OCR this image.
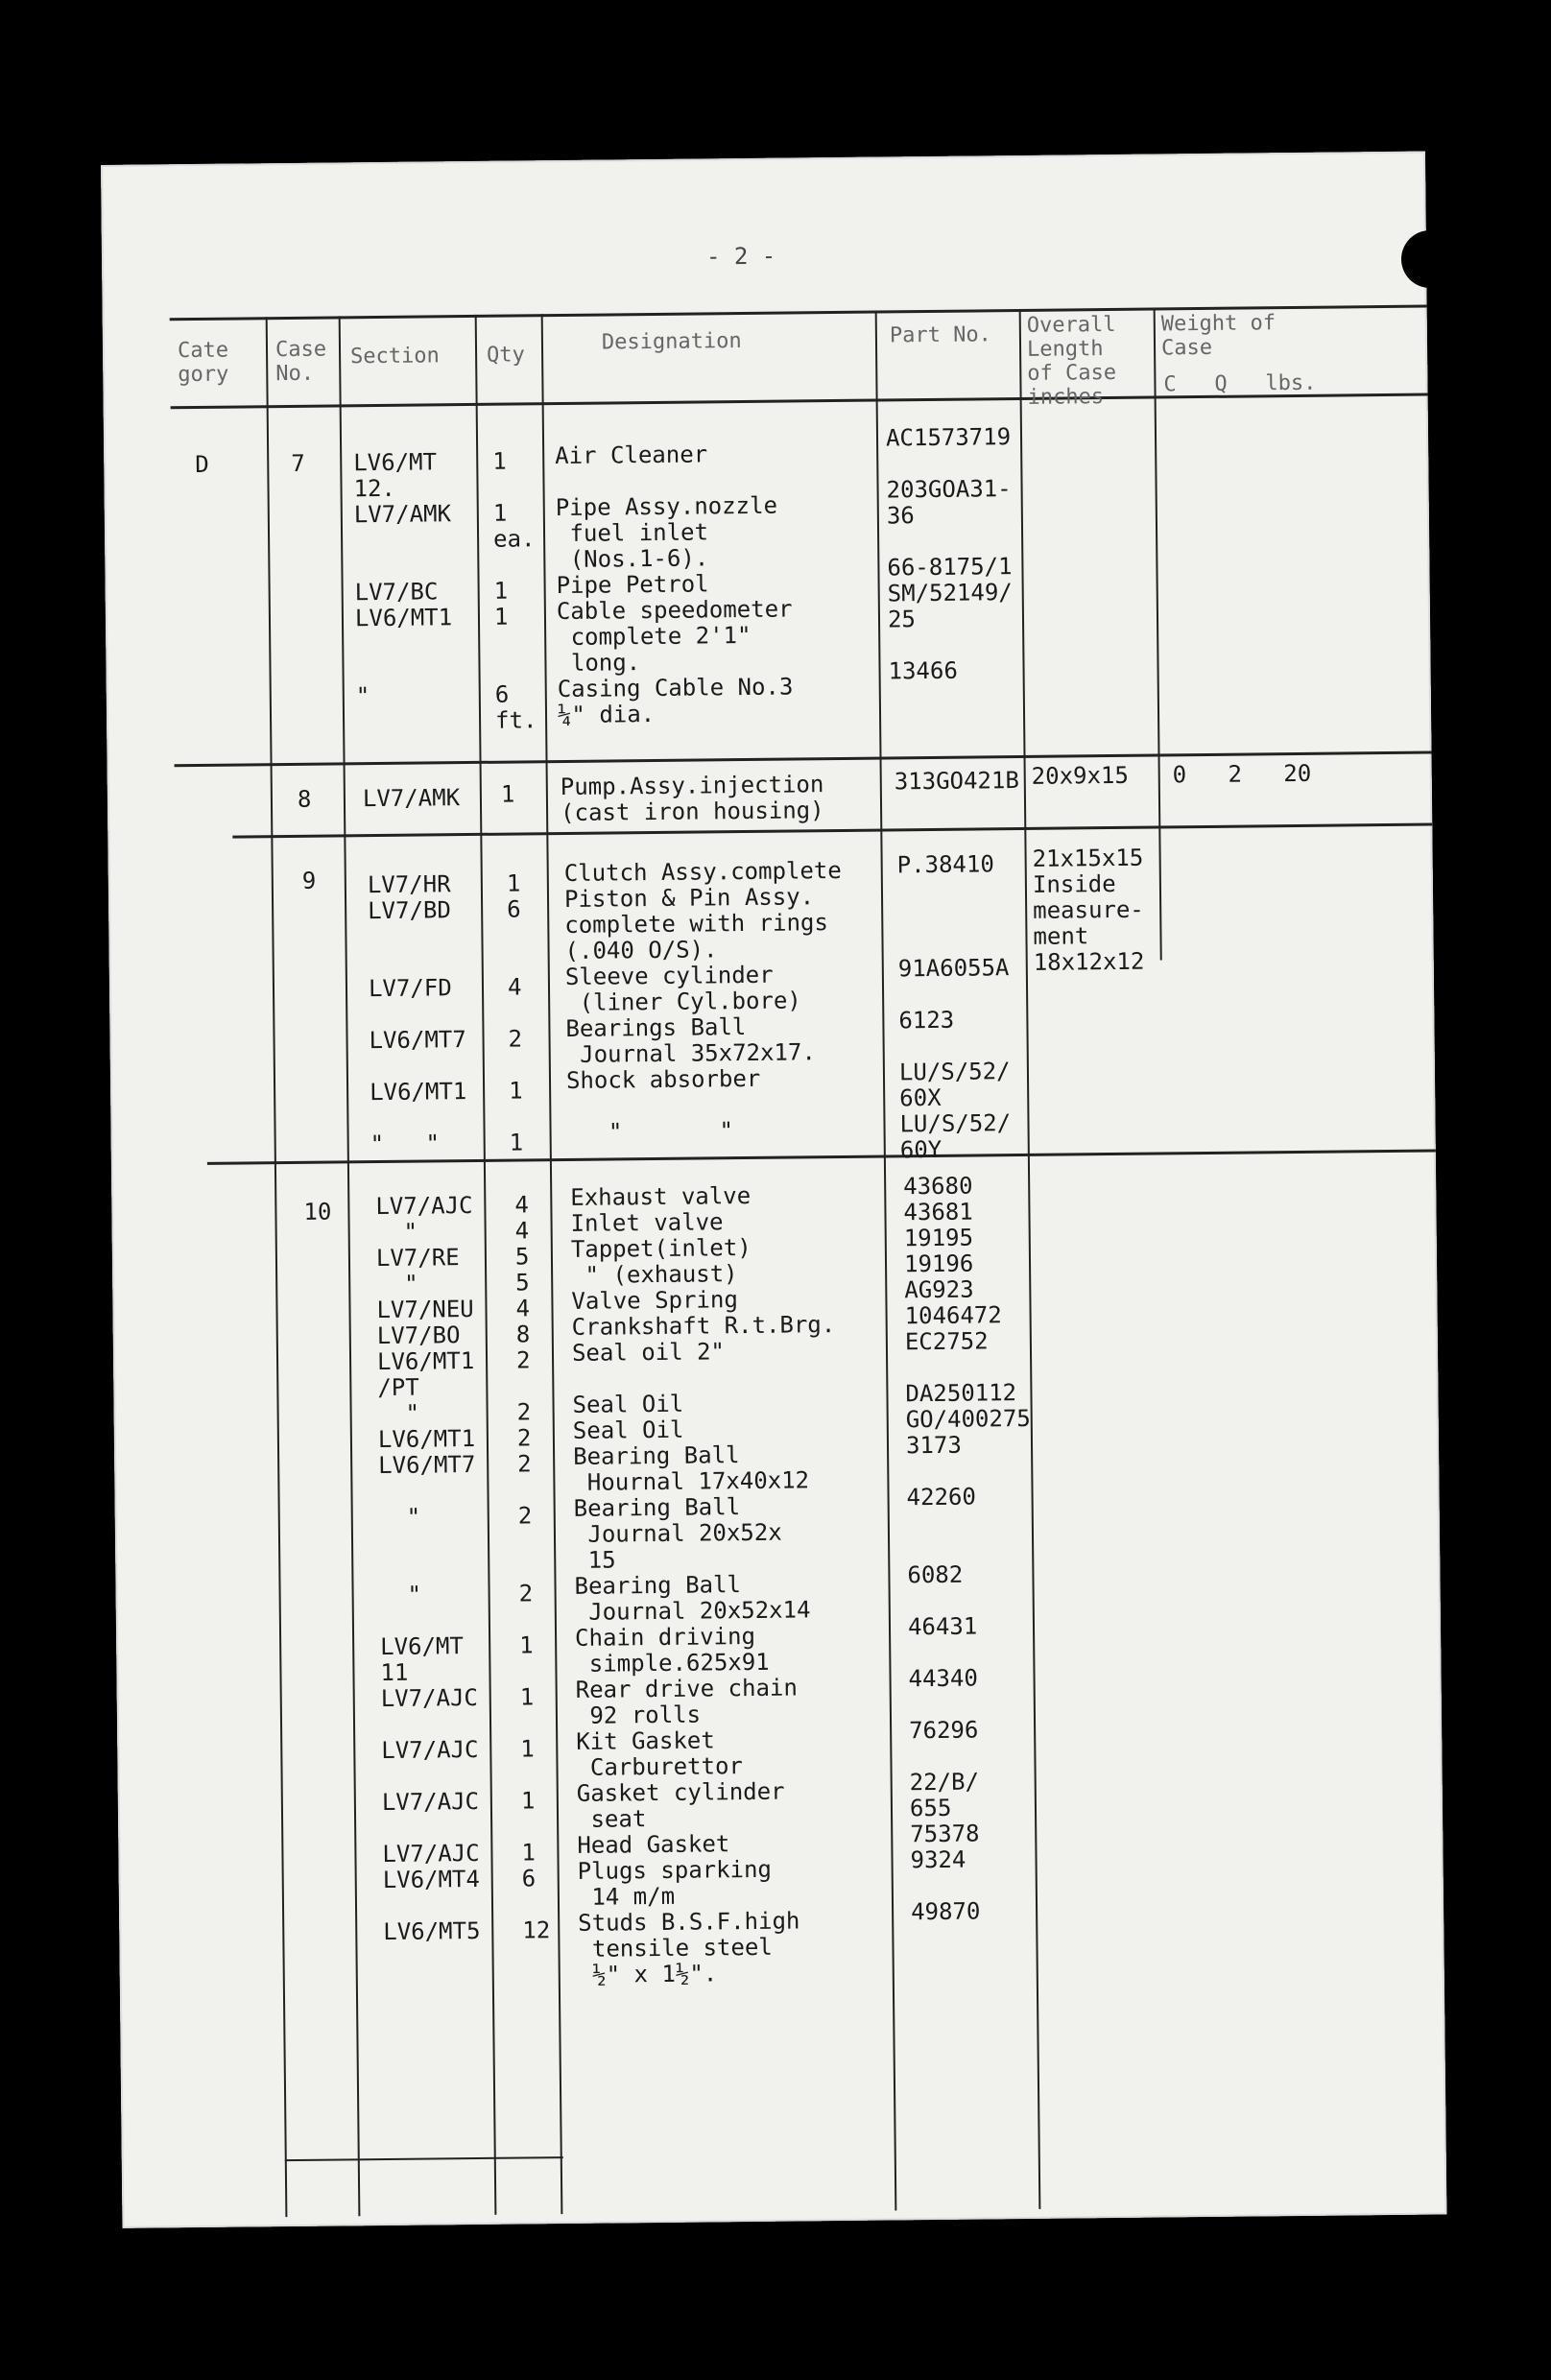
- 2 -
Cate
gory
Case
No.
Section Qty
Designation	Part No. Overall
Length
of Case
inches
Weight of
Case
C   Q   lbs.
D	7 LV6/MT
12.
LV7/AMK

LV7/BC
LV6/MT1

"
1

1
ea.

1
1

6
ft.
Air Cleaner

Pipe Assy.nozzle
fuel inlet
(Nos.1-6).
Pipe Petrol
Cable speedometer
complete 2'1"
long.
Casing Cable No.3
¼" dia.
AC1573719

203GOA31-
36

66-8175/1
SM/52149/
25

13466
8 LV7/AMK 1 Pump.Assy.injection
(cast iron housing)
313GO421B 20x9x15 0   2   20
9 LV7/HR
LV7/BD

LV7/FD

LV6/MT7

LV6/MT1

"   "
1
6

4

2

1

1
Clutch Assy.complete
Piston & Pin Assy.
complete with rings
(.040 O/S).
Sleeve cylinder
(liner Cyl.bore)
Bearings Ball
Journal 35x72x17.
Shock absorber

"       "
P.38410

91A6055A

6123

LU/S/52/
60X
LU/S/52/
60Y
21x15x15
Inside
measure-
ment
18x12x12
10 LV7/AJC
"
LV7/RE
"
LV7/NEU
LV7/BO
LV6/MT1
/PT
"
LV6/MT1
LV6/MT7

"

"

LV6/MT
11
LV7/AJC

LV7/AJC

LV7/AJC

LV7/AJC
LV6/MT4

LV6/MT5
4
4
5
5
4
8
2

2
2
2

2

2

1

1

1

1

1
6

12
Exhaust valve
Inlet valve
Tappet(inlet)
" (exhaust)
Valve Spring
Crankshaft R.t.Brg.
Seal oil 2"

Seal Oil
Seal Oil
Bearing Ball
Hournal 17x40x12
Bearing Ball
Journal 20x52x
15
Bearing Ball
Journal 20x52x14
Chain driving
simple.625x91
Rear drive chain
92 rolls
Kit Gasket
Carburettor
Gasket cylinder
seat
Head Gasket
Plugs sparking
14 m/m
Studs B.S.F.high
tensile steel
½" x 1½".
43680
43681
19195
19196
AG923
1046472
EC2752

DA250112
GO/400275
3173

42260

6082

46431

44340

76296

22/B/
655
75378
9324

49870
